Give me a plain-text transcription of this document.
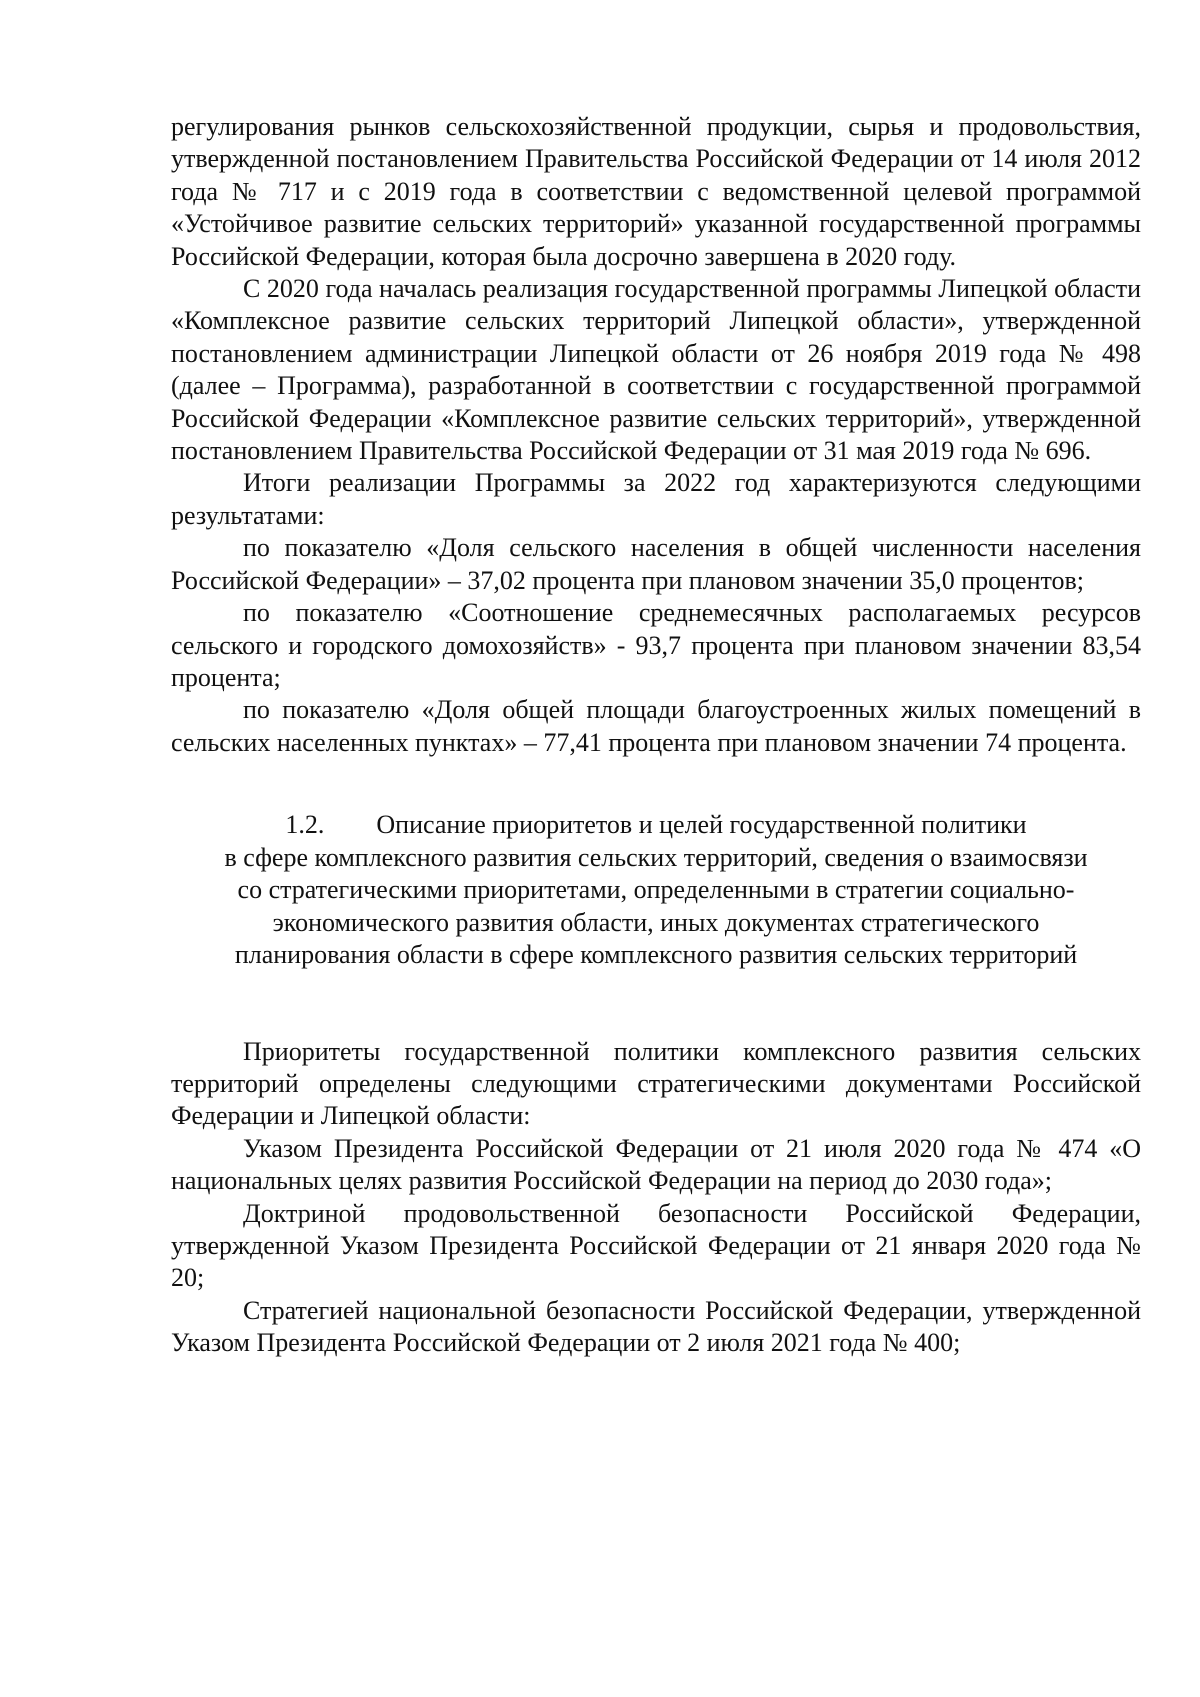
регулирования рынков сельскохозяйственной продукции, сырья и продовольствия, утвержденной постановлением Правительства Российской Федерации от 14 июля 2012 года № 717 и с 2019 года в соответствии с ведомственной целевой программой «Устойчивое развитие сельских территорий» указанной государственной программы Российской Федерации, которая была досрочно завершена в 2020 году.

С 2020 года началась реализация государственной программы Липецкой области «Комплексное развитие сельских территорий Липецкой области», утвержденной постановлением администрации Липецкой области от 26 ноября 2019 года № 498 (далее – Программа), разработанной в соответствии с государственной программой Российской Федерации «Комплексное развитие сельских территорий», утвержденной постановлением Правительства Российской Федерации от 31 мая 2019 года № 696.

Итоги реализации Программы за 2022 год характеризуются следующими результатами:

по показателю «Доля сельского населения в общей численности населения Российской Федерации» – 37,02 процента при плановом значении 35,0 процентов;

по показателю «Соотношение среднемесячных располагаемых ресурсов сельского и городского домохозяйств» - 93,7 процента при плановом значении 83,54 процента;

по показателю «Доля общей площади благоустроенных жилых помещений в сельских населенных пунктах» – 77,41 процента при плановом значении 74 процента.

1.2. Описание приоритетов и целей государственной политики
в сфере комплексного развития сельских территорий, сведения о взаимосвязи
со стратегическими приоритетами, определенными в стратегии социально-
экономического развития области, иных документах стратегического
планирования области в сфере комплексного развития сельских территорий

Приоритеты государственной политики комплексного развития сельских территорий определены следующими стратегическими документами Российской Федерации и Липецкой области:

Указом Президента Российской Федерации от 21 июля 2020 года № 474 «О национальных целях развития Российской Федерации на период до 2030 года»;

Доктриной продовольственной безопасности Российской Федерации, утвержденной Указом Президента Российской Федерации от 21 января 2020 года № 20;

Стратегией национальной безопасности Российской Федерации, утвержденной Указом Президента Российской Федерации от 2 июля 2021 года № 400;
